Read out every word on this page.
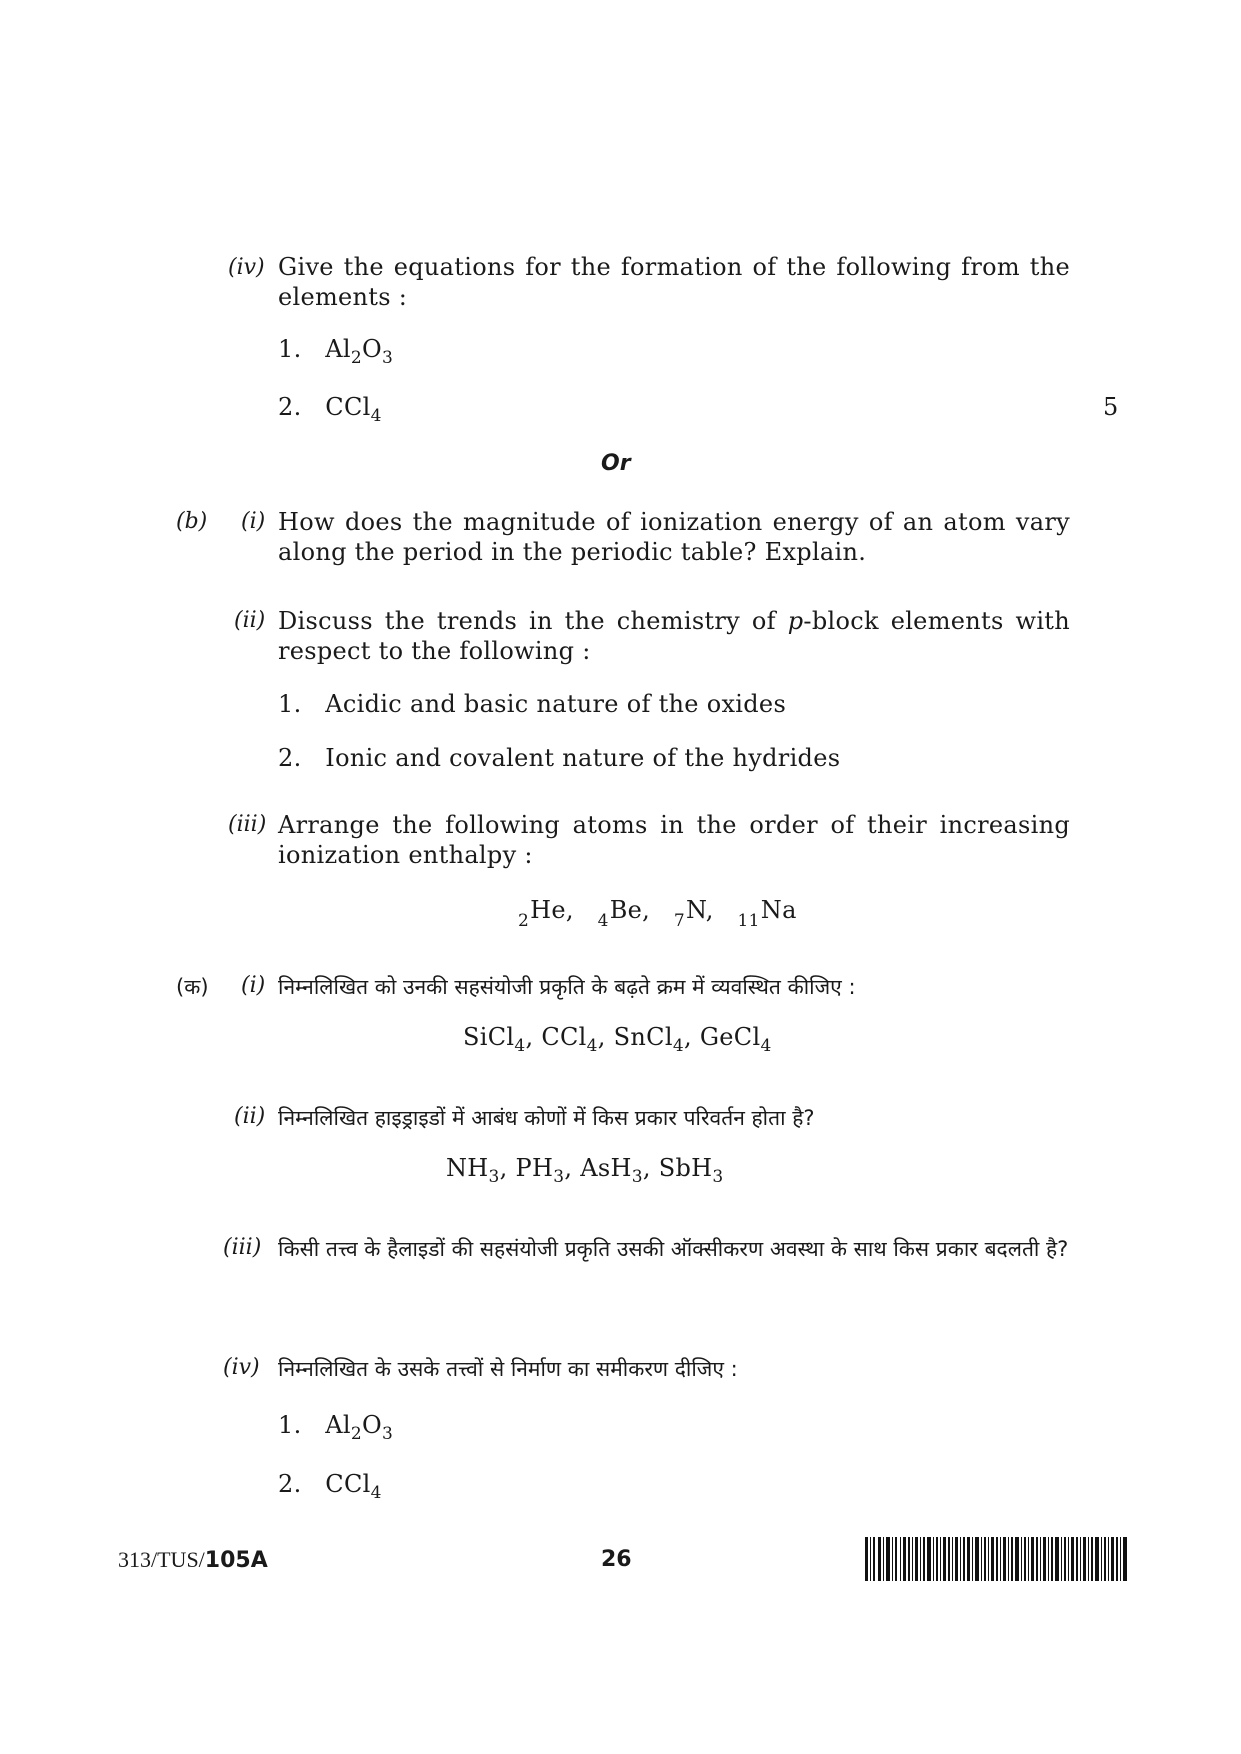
(iv) Give the equations for the formation of the following from the elements :
1. $Al_2O_3$
2. CCl$_4$	5
Or
(b) (i) How does the magnitude of ionization energy of an atom vary along the period in the periodic table? Explain.
(ii) Discuss the trends in the chemistry of p-block elements with respect to the following :
1. Acidic and basic nature of the oxides
2. Ionic and covalent nature of the hydrides
(iii) Arrange the following atoms in the order of their increasing ionization enthalpy :
$_2$He, $_4$Be, $_7$N, $_{11}$Na
(क) (i) निम्नलिखित को उनकी सहसंयोजी प्रकृति के बढ़ते क्रम में व्यवस्थित कीजिए :
SiCl$_4$, CCl$_4$, SnCl$_4$, GeCl$_4$
(ii) निम्नलिखित हाइड्राइडों में आबंध कोणों में किस प्रकार परिवर्तन होता है?
$NH_3$, $PH_3$, AsH$_3$, SbH$_3$
(iii) किसी तत्त्व के हैलाइडों की सहसंयोजी प्रकृति उसकी ऑक्सीकरण अवस्था के साथ किस प्रकार बदलती है?
(iv) निम्नलिखित के उसके तत्त्वों से निर्माण का समीकरण दीजिए :
1. $Al_2O_3$
2. CCl$_4$
313/TUS/105A	26
